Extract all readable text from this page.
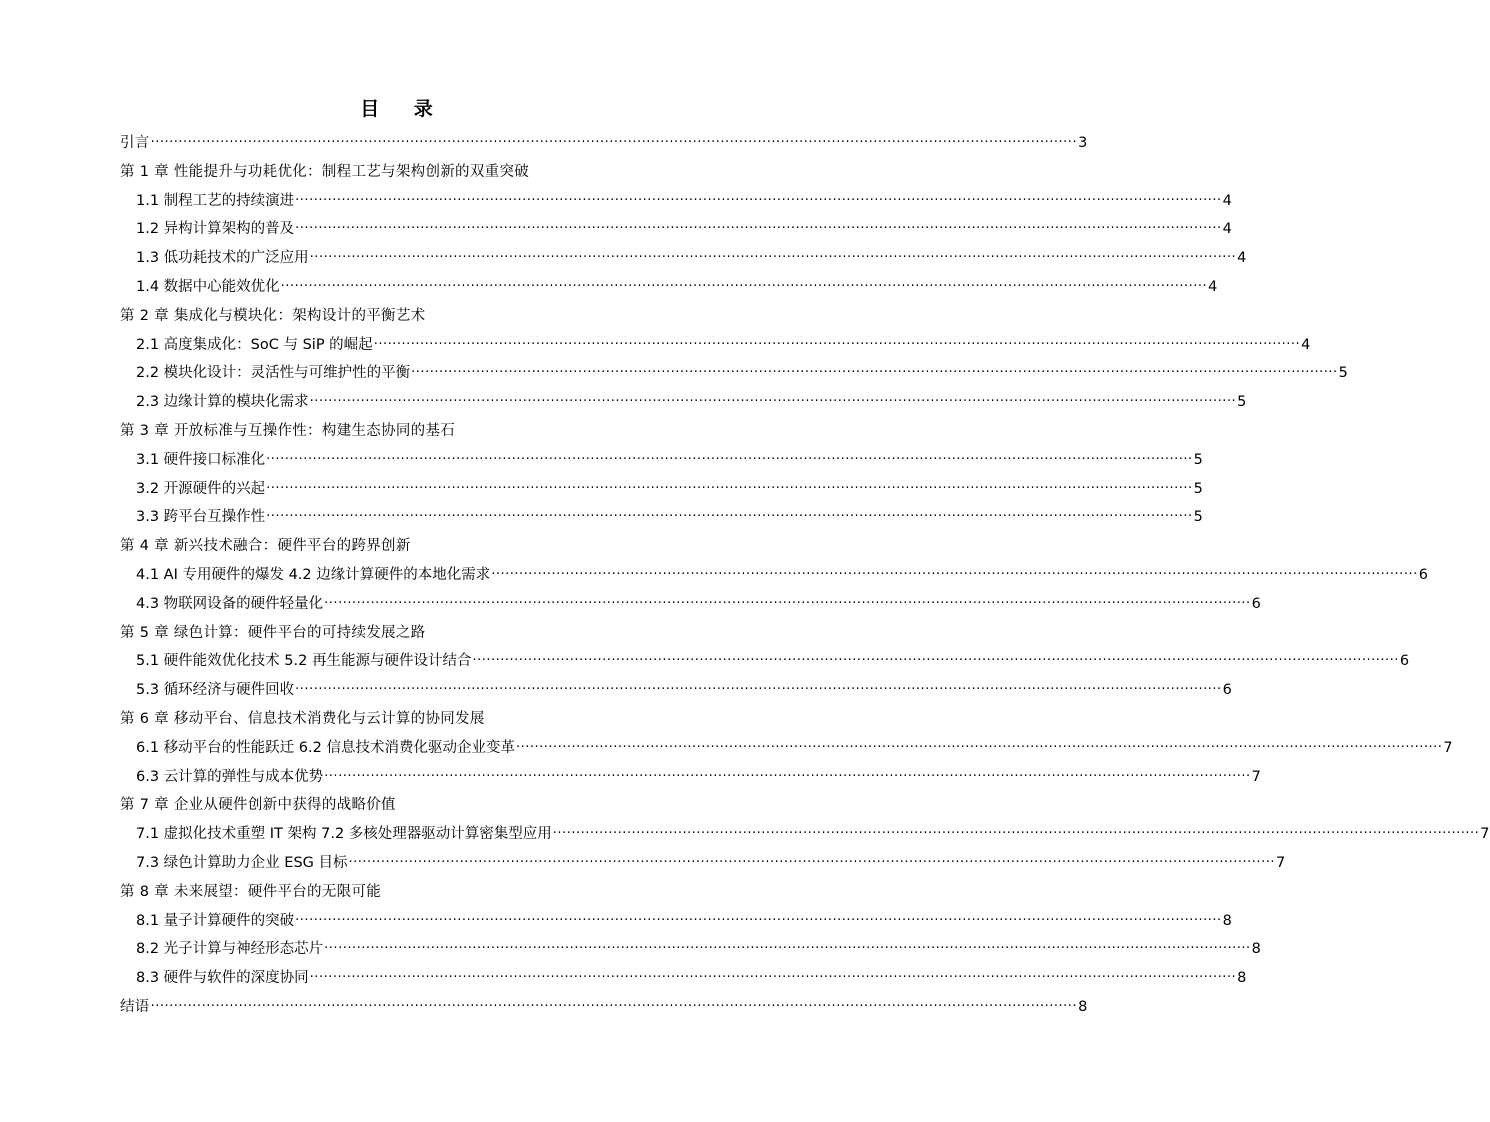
目 录
引言 ········································································································································································································ 3
第 1 章 性能提升与功耗优化：制程工艺与架构创新的双重突破
1.1 制程工艺的持续演进 ········································································································································································································ 4
1.2 异构计算架构的普及 ········································································································································································································ 4
1.3 低功耗技术的广泛应用 ········································································································································································································ 4
1.4 数据中心能效优化 ········································································································································································································ 4
第 2 章 集成化与模块化：架构设计的平衡艺术
2.1 高度集成化：SoC 与 SiP 的崛起 ········································································································································································································ 4
2.2 模块化设计：灵活性与可维护性的平衡 ········································································································································································································ 5
2.3 边缘计算的模块化需求 ········································································································································································································ 5
第 3 章 开放标准与互操作性：构建生态协同的基石
3.1 硬件接口标准化 ········································································································································································································ 5
3.2 开源硬件的兴起 ········································································································································································································ 5
3.3 跨平台互操作性 ········································································································································································································ 5
第 4 章 新兴技术融合：硬件平台的跨界创新
4.1 AI 专用硬件的爆发 4.2 边缘计算硬件的本地化需求 ········································································································································································································ 6
4.3 物联网设备的硬件轻量化 ········································································································································································································ 6
第 5 章 绿色计算：硬件平台的可持续发展之路
5.1 硬件能效优化技术 5.2 再生能源与硬件设计结合 ········································································································································································································ 6
5.3 循环经济与硬件回收 ········································································································································································································ 6
第 6 章 移动平台、信息技术消费化与云计算的协同发展
6.1 移动平台的性能跃迁 6.2 信息技术消费化驱动企业变革 ········································································································································································································ 7
6.3 云计算的弹性与成本优势 ········································································································································································································ 7
第 7 章 企业从硬件创新中获得的战略价值
7.1 虚拟化技术重塑 IT 架构 7.2 多核处理器驱动计算密集型应用 ········································································································································································································ 7
7.3 绿色计算助力企业 ESG 目标 ········································································································································································································ 7
第 8 章 未来展望：硬件平台的无限可能
8.1 量子计算硬件的突破 ········································································································································································································ 8
8.2 光子计算与神经形态芯片 ········································································································································································································ 8
8.3 硬件与软件的深度协同 ········································································································································································································ 8
结语 ········································································································································································································ 8
